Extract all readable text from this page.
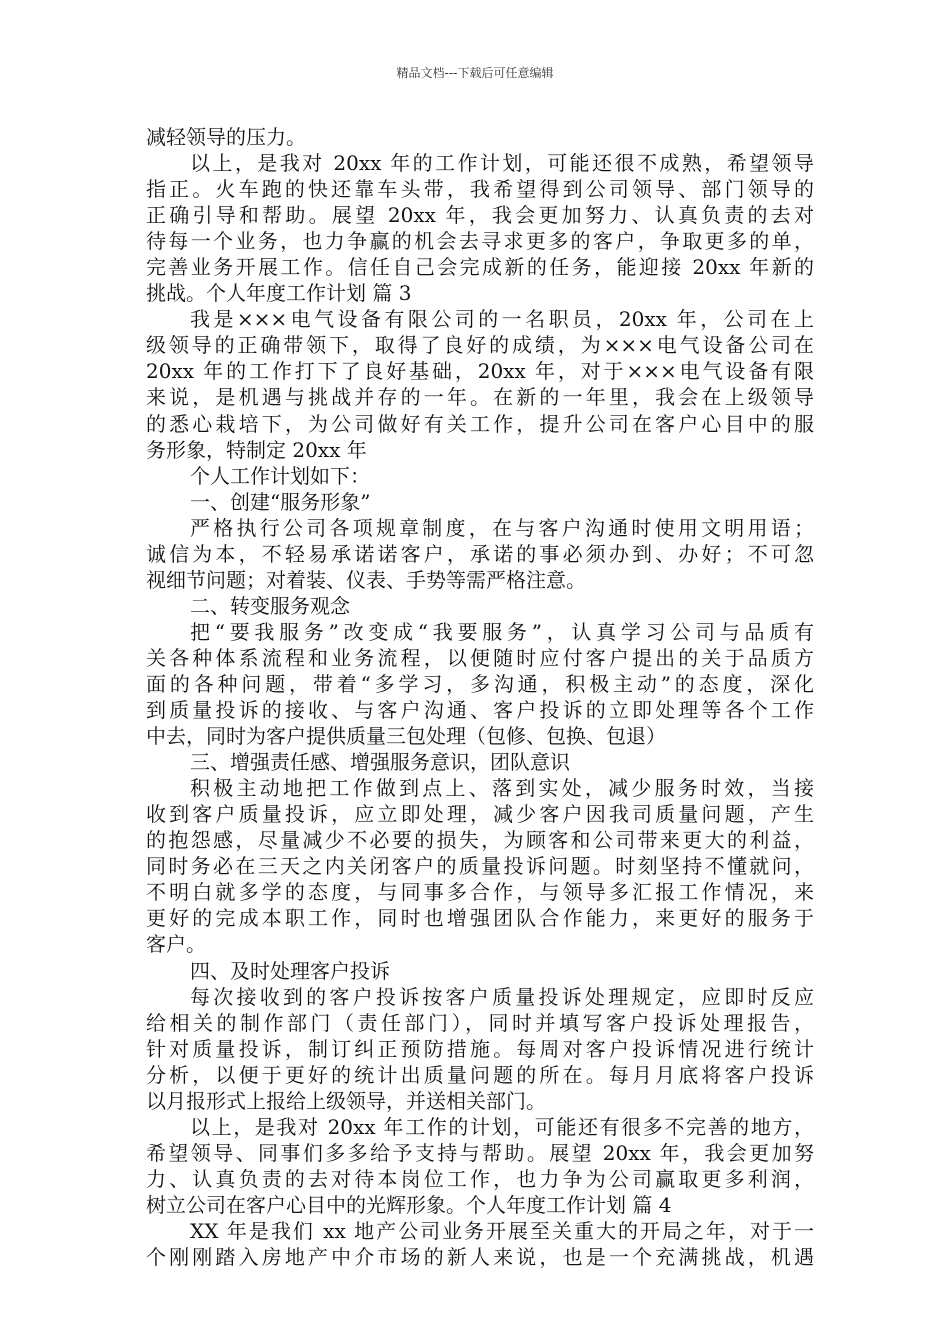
精品文档---下载后可任意编辑
减轻领导的压力。
以上，是我对 20xx 年的工作计划，可能还很不成熟，希望领导
指正。火车跑的快还靠车头带，我希望得到公司领导、部门领导的
正确引导和帮助。展望 20xx 年，我会更加努力、认真负责的去对
待每一个业务，也力争赢的机会去寻求更多的客户，争取更多的单，
完善业务开展工作。信任自己会完成新的任务，能迎接 20xx 年新的
挑战。个人年度工作计划 篇 3
我是×××电气设备有限公司的一名职员，20xx 年，公司在上
级领导的正确带领下，取得了良好的成绩，为×××电气设备公司在
20xx 年的工作打下了良好基础，20xx 年，对于×××电气设备有限
来说，是机遇与挑战并存的一年。在新的一年里，我会在上级领导
的悉心栽培下，为公司做好有关工作，提升公司在客户心目中的服
务形象，特制定 20xx 年
个人工作计划如下：
一、创建“服务形象”
严格执行公司各项规章制度，在与客户沟通时使用文明用语；
诚信为本，不轻易承诺诺客户，承诺的事必须办到、办好；不可忽
视细节问题；对着装、仪表、手势等需严格注意。
二、转变服务观念
把“要我服务”改变成“我要服务”，认真学习公司与品质有
关各种体系流程和业务流程，以便随时应付客户提出的关于品质方
面的各种问题，带着“多学习，多沟通，积极主动”的态度，深化
到质量投诉的接收、与客户沟通、客户投诉的立即处理等各个工作
中去，同时为客户提供质量三包处理（包修、包换、包退）
三、增强责任感、增强服务意识，团队意识
积极主动地把工作做到点上、落到实处，减少服务时效，当接
收到客户质量投诉，应立即处理，减少客户因我司质量问题，产生
的抱怨感，尽量减少不必要的损失，为顾客和公司带来更大的利益，
同时务必在三天之内关闭客户的质量投诉问题。时刻坚持不懂就问，
不明白就多学的态度，与同事多合作，与领导多汇报工作情况，来
更好的完成本职工作，同时也增强团队合作能力，来更好的服务于
客户。
四、及时处理客户投诉
每次接收到的客户投诉按客户质量投诉处理规定，应即时反应
给相关的制作部门（责任部门），同时并填写客户投诉处理报告，
针对质量投诉，制订纠正预防措施。每周对客户投诉情况进行统计
分析，以便于更好的统计出质量问题的所在。每月月底将客户投诉
以月报形式上报给上级领导，并送相关部门。
以上，是我对 20xx 年工作的计划，可能还有很多不完善的地方，
希望领导、同事们多多给予支持与帮助。展望 20xx 年，我会更加努
力、认真负责的去对待本岗位工作，也力争为公司赢取更多利润，
树立公司在客户心目中的光辉形象。个人年度工作计划 篇 4
XX 年是我们 xx 地产公司业务开展至关重大的开局之年，对于一
个刚刚踏入房地产中介市场的新人来说，也是一个充满挑战，机遇
